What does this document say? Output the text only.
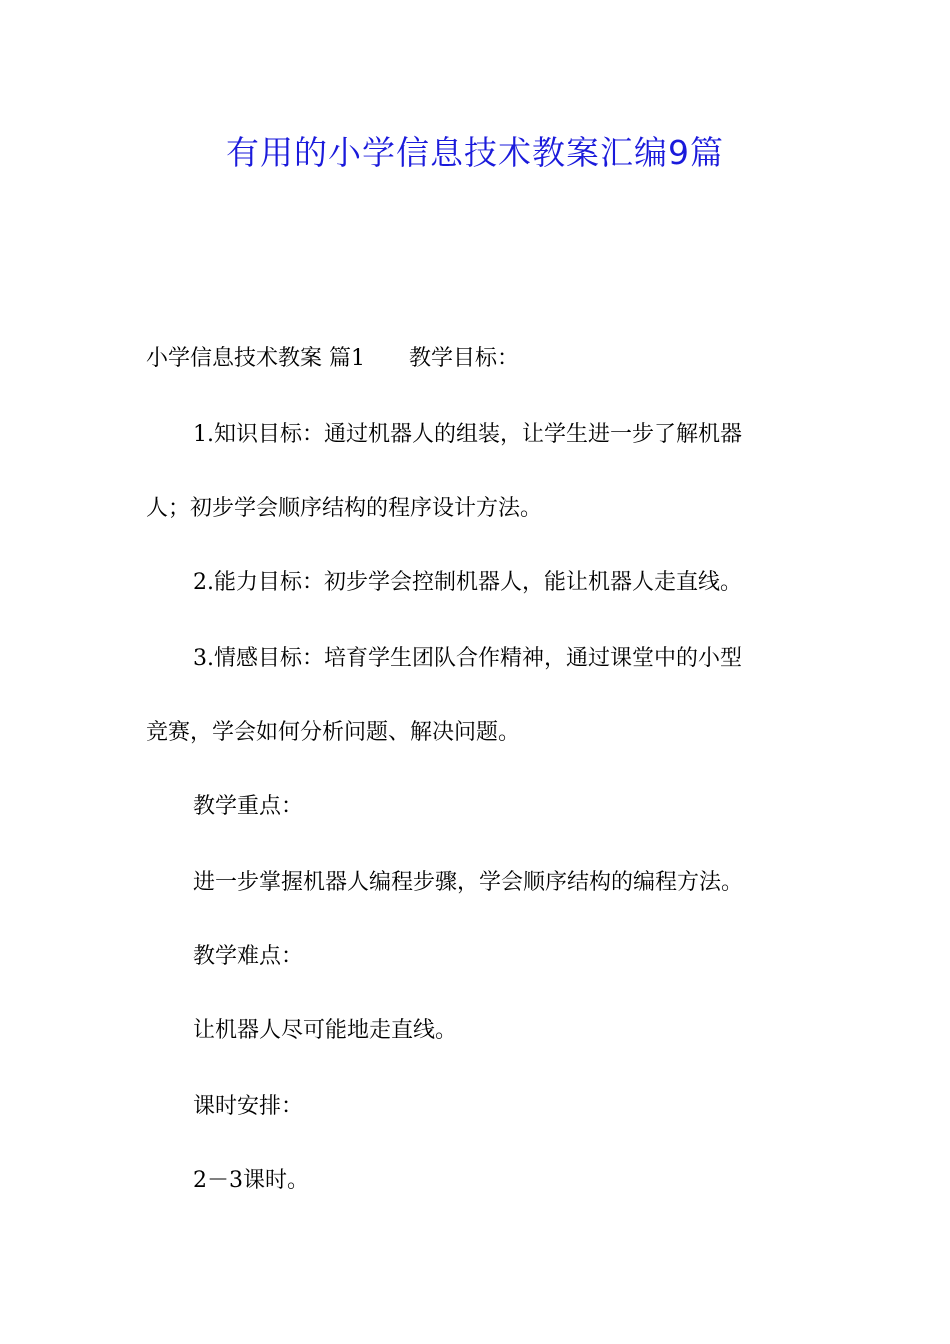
有用的小学信息技术教案汇编9篇
小学信息技术教案 篇1 教学目标：
1.知识目标：通过机器人的组装，让学生进一步了解机器
人；初步学会顺序结构的程序设计方法。
2.能力目标：初步学会控制机器人，能让机器人走直线。
3.情感目标：培育学生团队合作精神，通过课堂中的小型
竞赛，学会如何分析问题、解决问题。
教学重点：
进一步掌握机器人编程步骤，学会顺序结构的编程方法。
教学难点：
让机器人尽可能地走直线。
课时安排：
2－3课时。
